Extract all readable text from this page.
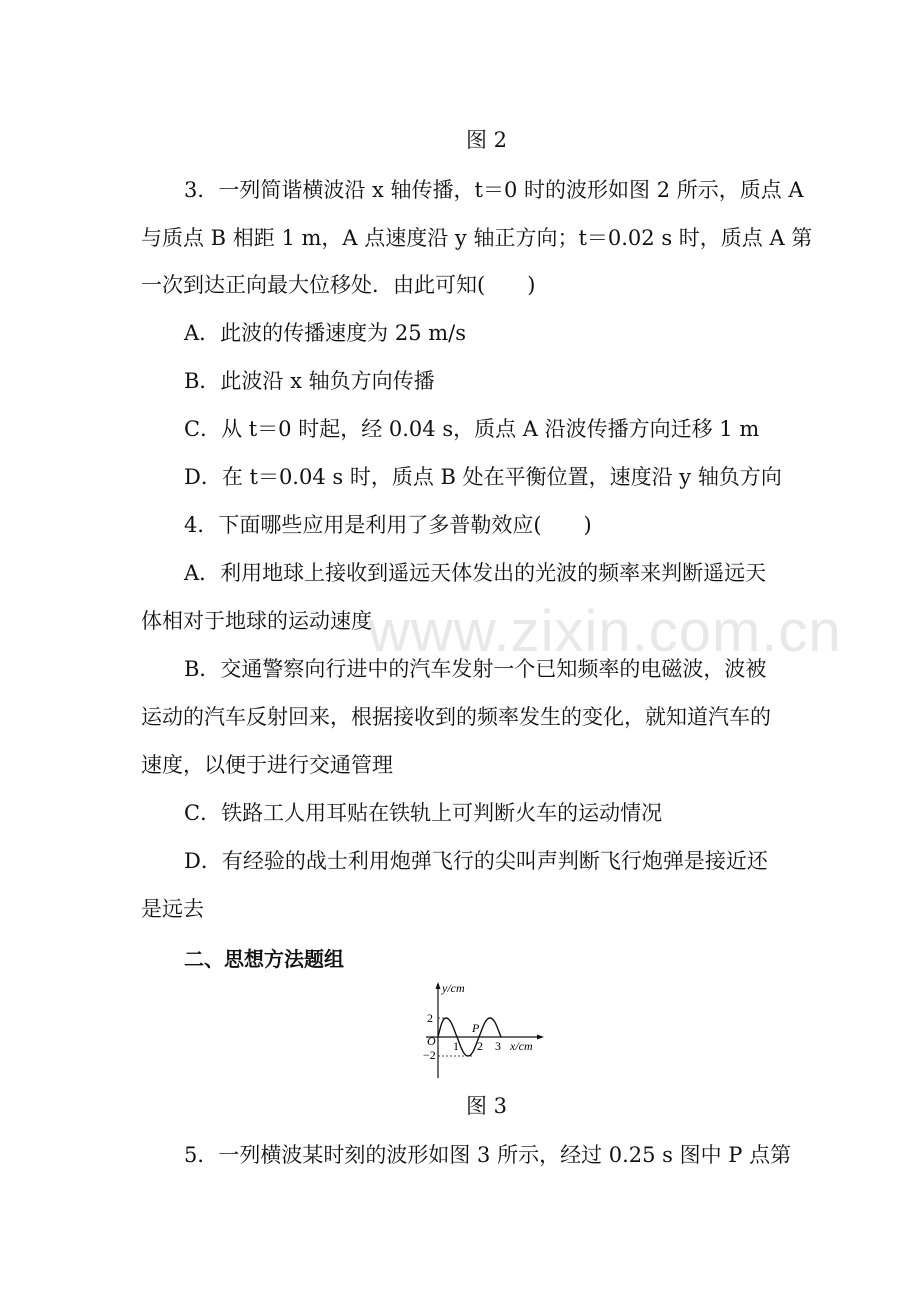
图 2
3．一列简谐横波沿 x 轴传播，t＝0 时的波形如图 2 所示，质点 A
与质点 B 相距 1 m，A 点速度沿 y 轴正方向；t＝0.02 s 时，质点 A 第
一次到达正向最大位移处．由此可知(　　)
A．此波的传播速度为 25 m/s
B．此波沿 x 轴负方向传播
C．从 t＝0 时起，经 0.04 s，质点 A 沿波传播方向迁移 1 m
D．在 t＝0.04 s 时，质点 B 处在平衡位置，速度沿 y 轴负方向
4．下面哪些应用是利用了多普勒效应(　　)
A．利用地球上接收到遥远天体发出的光波的频率来判断遥远天
体相对于地球的运动速度
B．交通警察向行进中的汽车发射一个已知频率的电磁波，波被
运动的汽车反射回来，根据接收到的频率发生的变化，就知道汽车的
速度，以便于进行交通管理
C．铁路工人用耳贴在铁轨上可判断火车的运动情况
D．有经验的战士利用炮弹飞行的尖叫声判断飞行炮弹是接近还
是远去
二、思想方法题组
y/cm
2
O
−2
1
P
2 3 x/cm
图 3
5．一列横波某时刻的波形如图 3 所示，经过 0.25 s 图中 P 点第
www.zixin.com.cn
